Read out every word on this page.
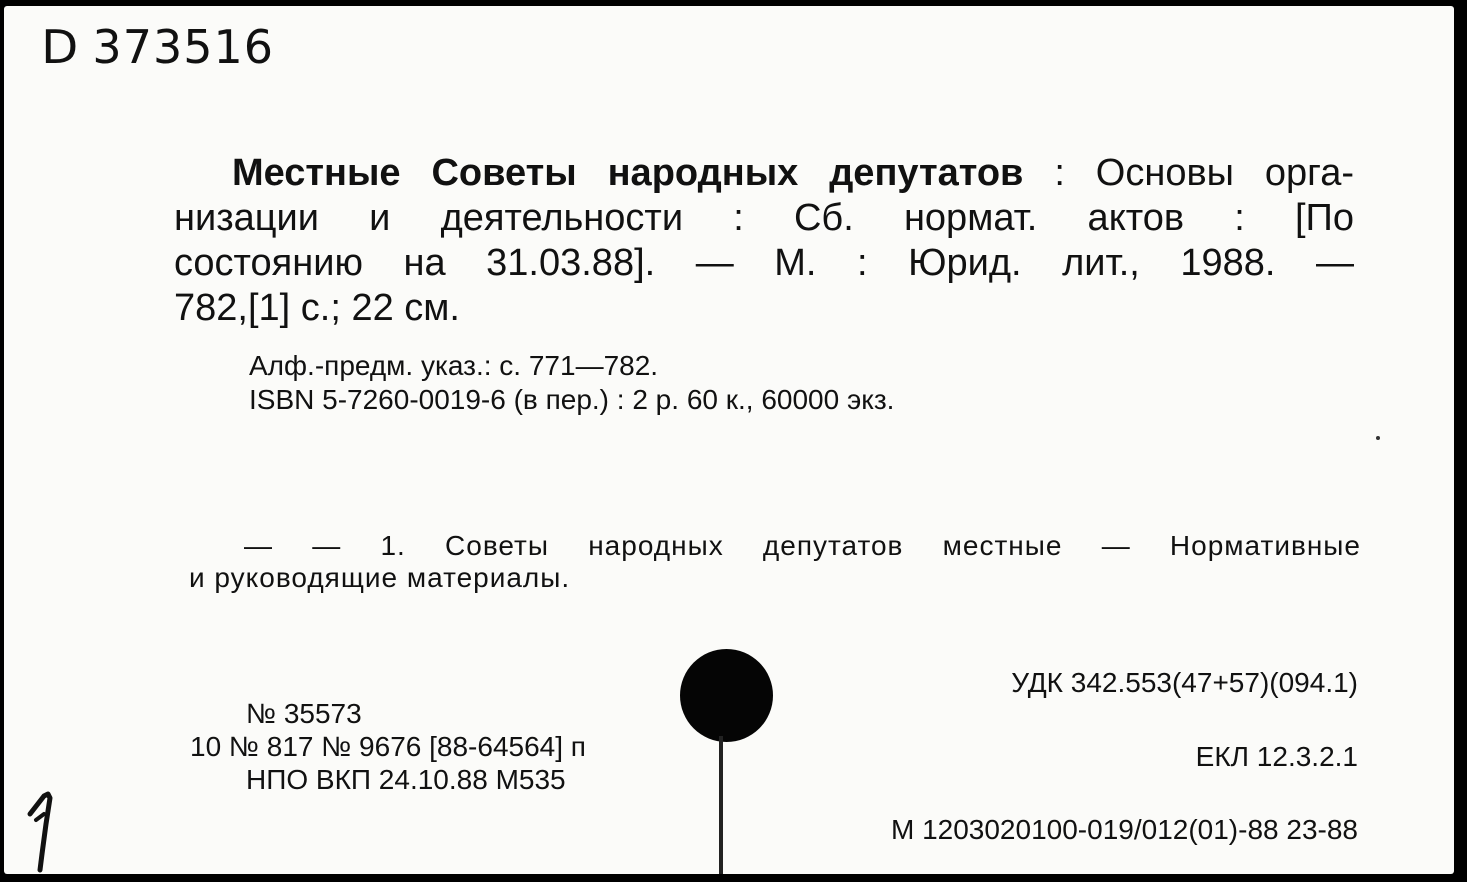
D 373516
Местные Советы народных депутатов : Основы орга-
низации и деятельности : Сб. нормат. актов : [По
состоянию на 31.03.88]. — М. : Юрид. лит., 1988. —
782,[1] с.; 22 см.
Алф.-предм. указ.: с. 771—782.
ISBN 5-7260-0019-6 (в пер.) : 2 р. 60 к., 60000 экз.
— — 1. Советы народных депутатов местные — Нормативные
и руководящие материалы.
№ 35573
10 № 817 № 9676 [88-64564] п
НПО ВКП 24.10.88 М535
УДК 342.553(47+57)(094.1)
ЕКЛ 12.3.2.1
М 1203020100-019/012(01)-88 23-88
